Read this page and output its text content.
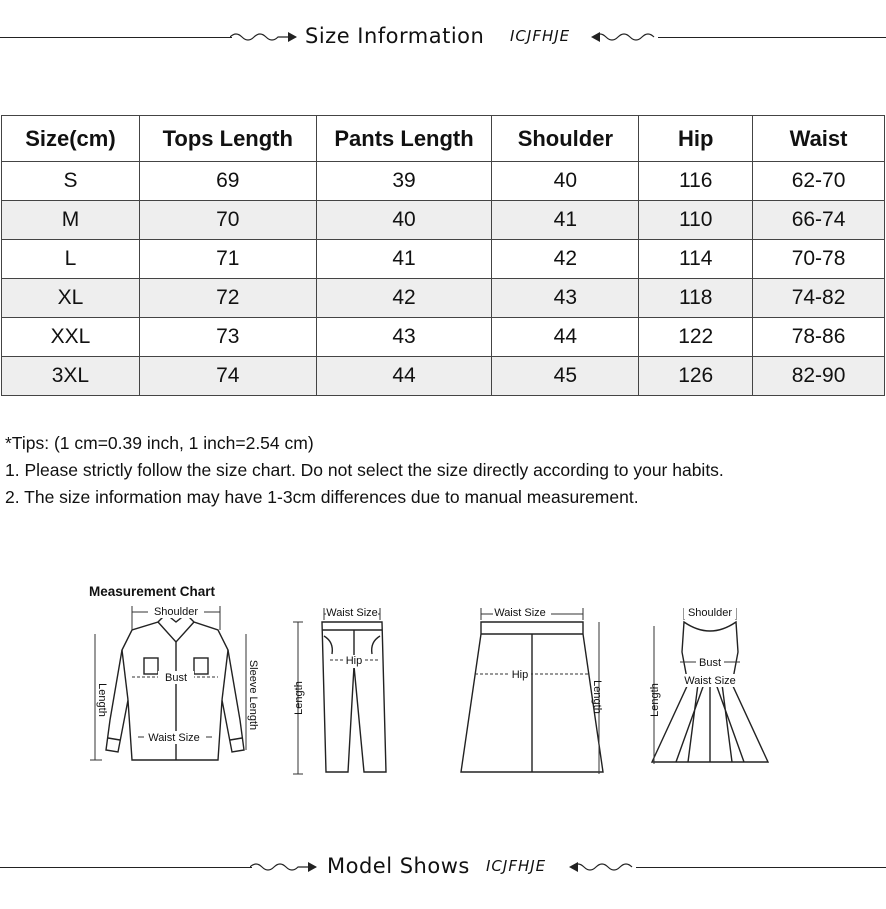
Size Information ICJFHJE
Size(cm)	Tops Length	Pants Length	Shoulder	Hip	Waist
S	69	39	40	116	62-70
M	70	40	41	110	66-74
L	71	41	42	114	70-78
XL	72	42	43	118	74-82
XXL	73	43	44	122	78-86
3XL	74	44	45	126	82-90
*Tips: (1 cm=0.39 inch, 1 inch=2.54 cm)
1. Please strictly follow the size chart. Do not select the size directly according to your habits.
2. The size information may have 1-3cm differences due to manual measurement.
Measurement Chart
Shoulder
Bust
Waist Size
Length	Sleeve Length
Waist Size
Hip
Length
Waist Size
Hip
Length
Shoulder
Bust
Waist Size
Length
Model Shows ICJFHJE
